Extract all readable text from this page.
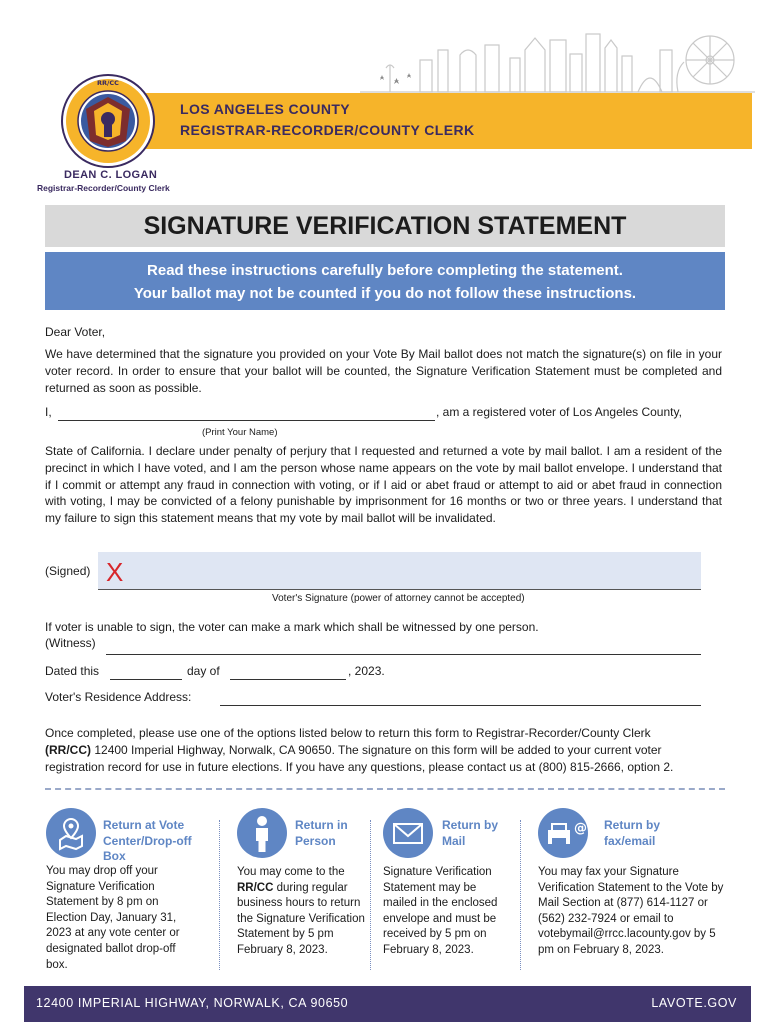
LOS ANGELES COUNTY
REGISTRAR-RECORDER/COUNTY CLERK
RR/CC
DEAN C. LOGAN
Registrar-Recorder/County Clerk
SIGNATURE VERIFICATION STATEMENT
Read these instructions carefully before completing the statement.
Your ballot may not be counted if you do not follow these instructions.
Dear Voter,
We have determined that the signature you provided on your Vote By Mail ballot does not match the signature(s) on file in your voter record. In order to ensure that your ballot will be counted, the Signature Verification Statement must be completed and returned as soon as possible.
I,	, am a registered voter of Los Angeles County,
(Print Your Name)
State of California. I declare under penalty of perjury that I requested and returned a vote by mail ballot. I am a resident of the precinct in which I have voted, and I am the person whose name appears on the vote by mail ballot envelope. I understand that if I commit or attempt any fraud in connection with voting, or if I aid or abet fraud or attempt to aid or abet fraud in connection with voting, I may be convicted of a felony punishable by imprisonment for 16 months or two or three years. I understand that my failure to sign this statement means that my vote by mail ballot will be invalidated.
(Signed) X
Voter's Signature (power of attorney cannot be accepted)
If voter is unable to sign, the voter can make a mark which shall be witnessed by one person.
(Witness)
Dated this	day of	, 2023.
Voter's Residence Address:
Once completed, please use one of the options listed below to return this form to Registrar-Recorder/County Clerk
(RR/CC) 12400 Imperial Highway, Norwalk, CA 90650. The signature on this form will be added to your current voter
registration record for use in future elections. If you have any questions, please contact us at (800) 815-2666, option 2.
Return at Vote
Center/Drop-off
Box
You may drop off your Signature Verification Statement by 8 pm on Election Day, January 31, 2023 at any vote center or designated ballot drop-off box.
Return in
Person
You may come to the RR/CC during regular business hours to return the Signature Verification Statement by 5 pm February 8, 2023.
Return by
Mail
Signature Verification Statement may be mailed in the enclosed envelope and must be received by 5 pm on February 8, 2023.
@ Return by
fax/email
You may fax your Signature Verification Statement to the Vote by Mail Section at (877) 614-1127 or (562) 232-7924 or email to votebymail@rrcc.lacounty.gov by 5 pm on February 8, 2023.
12400 IMPERIAL HIGHWAY, NORWALK, CA 90650	LAVOTE.GOV
